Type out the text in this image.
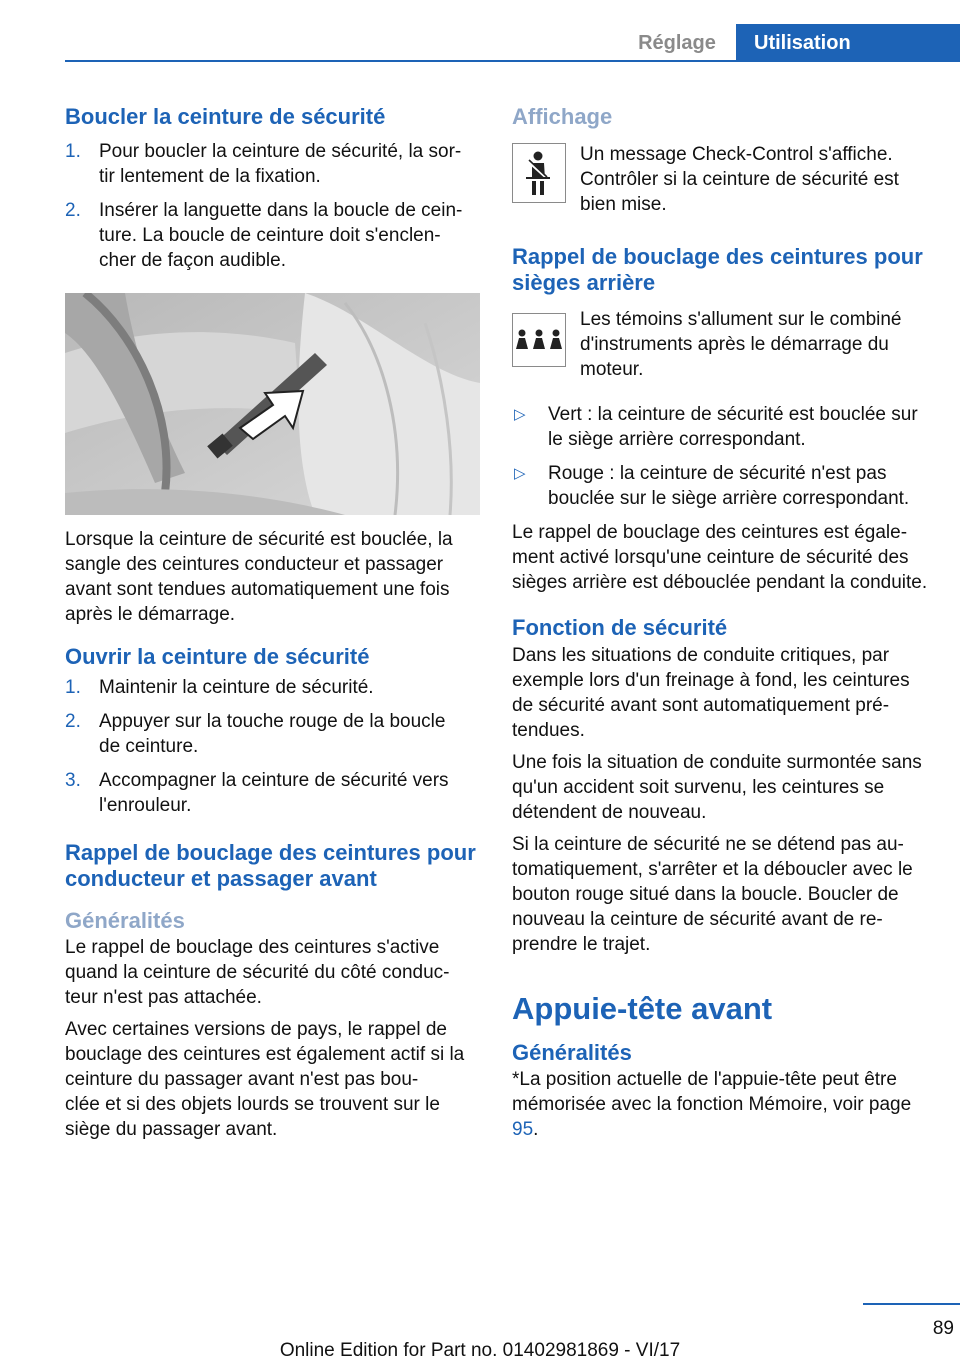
Réglage	Utilisation
Boucler la ceinture de sécurité
1. Pour boucler la ceinture de sécurité, la sor-
tir lentement de la fixation.
2. Insérer la languette dans la boucle de cein-
ture. La boucle de ceinture doit s'enclen-
cher de façon audible.

Lorsque la ceinture de sécurité est bouclée, la sangle des ceintures conducteur et passager avant sont tendues automatiquement une fois après le démarrage.

Ouvrir la ceinture de sécurité
1. Maintenir la ceinture de sécurité.
2. Appuyer sur la touche rouge de la boucle
de ceinture.
3. Accompagner la ceinture de sécurité vers
l'enrouleur.
Rappel de bouclage des ceintures pour conducteur et passager avant
Généralités

Le rappel de bouclage des ceintures s'active quand la ceinture de sécurité du côté conduc-
teur n'est pas attachée.

Avec certaines versions de pays, le rappel de bouclage des ceintures est également actif si la ceinture du passager avant n'est pas bou-
clée et si des objets lourds se trouvent sur le siège du passager avant.

Affichage

Un message Check-Control s'affiche. Contrôler si la ceinture de sécurité est bien mise.

Rappel de bouclage des ceintures pour sièges arrière

Les témoins s'allument sur le combiné d'instruments après le démarrage du moteur.

▷	Vert : la ceinture de sécurité est bouclée sur le siège arrière correspondant.
▷	Rouge : la ceinture de sécurité n'est pas bouclée sur le siège arrière correspondant.

Le rappel de bouclage des ceintures est égale-
ment activé lorsqu'une ceinture de sécurité des sièges arrière est débouclée pendant la conduite.

Fonction de sécurité

Dans les situations de conduite critiques, par exemple lors d'un freinage à fond, les ceintures de sécurité avant sont automatiquement pré-
tendues.

Une fois la situation de conduite surmontée sans qu'un accident soit survenu, les ceintures se détendent de nouveau.

Si la ceinture de sécurité ne se détend pas au-
tomatiquement, s'arrêter et la déboucler avec le bouton rouge situé dans la boucle. Boucler de nouveau la ceinture de sécurité avant de re-
prendre le trajet.

Appuie-tête avant
Généralités

*La position actuelle de l'appuie-tête peut être mémorisée avec la fonction Mémoire, voir page 95.

89
Online Edition for Part no. 01402981869 - VI/17
